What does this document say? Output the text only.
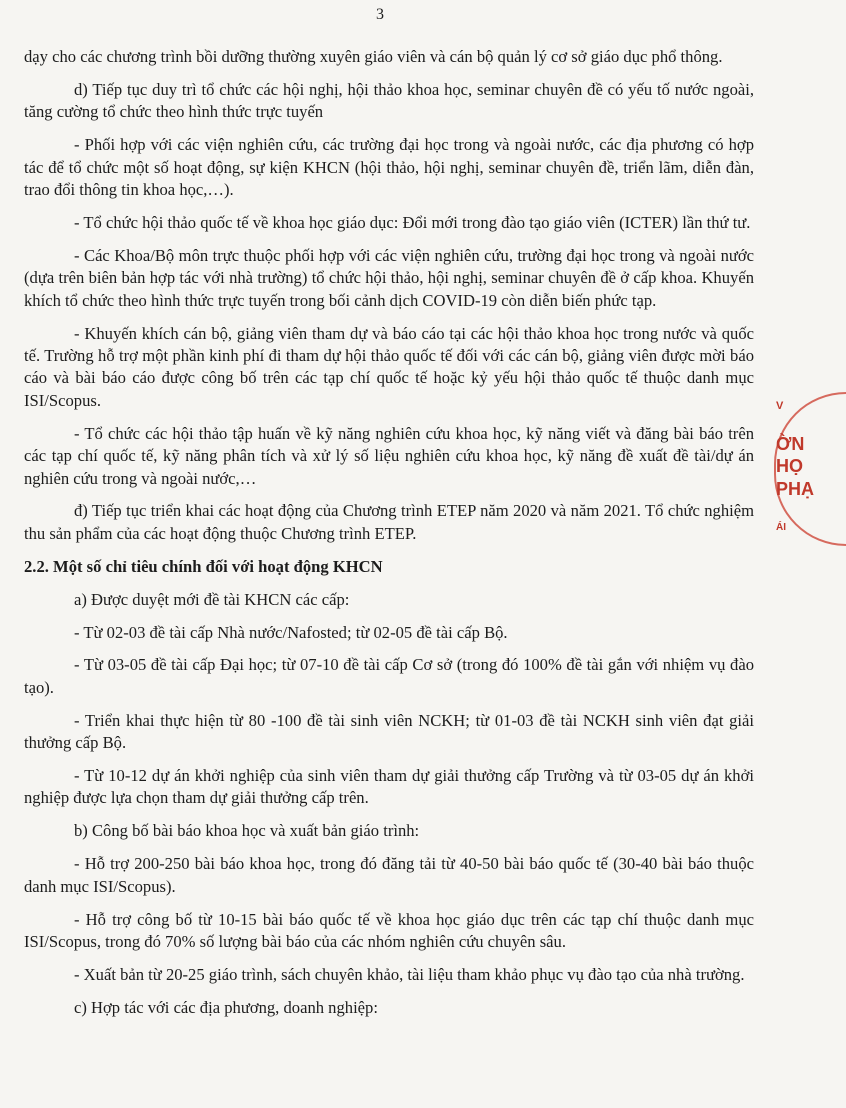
3

dạy cho các chương trình bồi dưỡng thường xuyên giáo viên và cán bộ quản lý cơ sở giáo dục phổ thông.

d) Tiếp tục duy trì tổ chức các hội nghị, hội thảo khoa học, seminar chuyên đề có yếu tố nước ngoài, tăng cường tổ chức theo hình thức trực tuyến

- Phối hợp với các viện nghiên cứu, các trường đại học trong và ngoài nước, các địa phương có hợp tác để tổ chức một số hoạt động, sự kiện KHCN (hội thảo, hội nghị, seminar chuyên đề, triển lãm, diễn đàn, trao đổi thông tin khoa học,…).

- Tổ chức hội thảo quốc tế về khoa học giáo dục: Đổi mới trong đào tạo giáo viên (ICTER) lần thứ tư.

- Các Khoa/Bộ môn trực thuộc phối hợp với các viện nghiên cứu, trường đại học trong và ngoài nước (dựa trên biên bản hợp tác với nhà trường) tổ chức hội thảo, hội nghị, seminar chuyên đề ở cấp khoa. Khuyến khích tổ chức theo hình thức trực tuyến trong bối cảnh dịch COVID-19 còn diễn biến phức tạp.

- Khuyến khích cán bộ, giảng viên tham dự và báo cáo tại các hội thảo khoa học trong nước và quốc tế. Trường hỗ trợ một phần kinh phí đi tham dự hội thảo quốc tế đối với các cán bộ, giảng viên được mời báo cáo và bài báo cáo được công bố trên các tạp chí quốc tế hoặc kỷ yếu hội thảo quốc tế thuộc danh mục ISI/Scopus.

- Tổ chức các hội thảo tập huấn về kỹ năng nghiên cứu khoa học, kỹ năng viết và đăng bài báo trên các tạp chí quốc tế, kỹ năng phân tích và xử lý số liệu nghiên cứu khoa học, kỹ năng đề xuất đề tài/dự án nghiên cứu trong và ngoài nước,…

đ) Tiếp tục triển khai các hoạt động của Chương trình ETEP năm 2020 và năm 2021. Tổ chức nghiệm thu sản phẩm của các hoạt động thuộc Chương trình ETEP.

2.2. Một số chỉ tiêu chính đối với hoạt động KHCN

a) Được duyệt mới đề tài KHCN các cấp:

- Từ 02-03 đề tài cấp Nhà nước/Nafosted; từ 02-05 đề tài cấp Bộ.

- Từ 03-05 đề tài cấp Đại học; từ 07-10 đề tài cấp Cơ sở (trong đó 100% đề tài gắn với nhiệm vụ đào tạo).

- Triển khai thực hiện từ 80 -100 đề tài sinh viên NCKH; từ 01-03 đề tài NCKH sinh viên đạt giải thưởng cấp Bộ.

- Từ 10-12 dự án khởi nghiệp của sinh viên tham dự giải thưởng cấp Trường và từ 03-05 dự án khởi nghiệp được lựa chọn tham dự giải thưởng cấp trên.

b) Công bố bài báo khoa học và xuất bản giáo trình:

- Hỗ trợ 200-250 bài báo khoa học, trong đó đăng tải từ 40-50 bài báo quốc tế (30-40 bài báo thuộc danh mục ISI/Scopus).

- Hỗ trợ công bố từ 10-15 bài báo quốc tế về khoa học giáo dục trên các tạp chí thuộc danh mục ISI/Scopus, trong đó 70% số lượng bài báo của các nhóm nghiên cứu chuyên sâu.

- Xuất bản từ 20-25 giáo trình, sách chuyên khảo, tài liệu tham khảo phục vụ đào tạo của nhà trường.

c) Hợp tác với các địa phương, doanh nghiệp:

V
ỜN
HỌ
PHẠ
ÁI
